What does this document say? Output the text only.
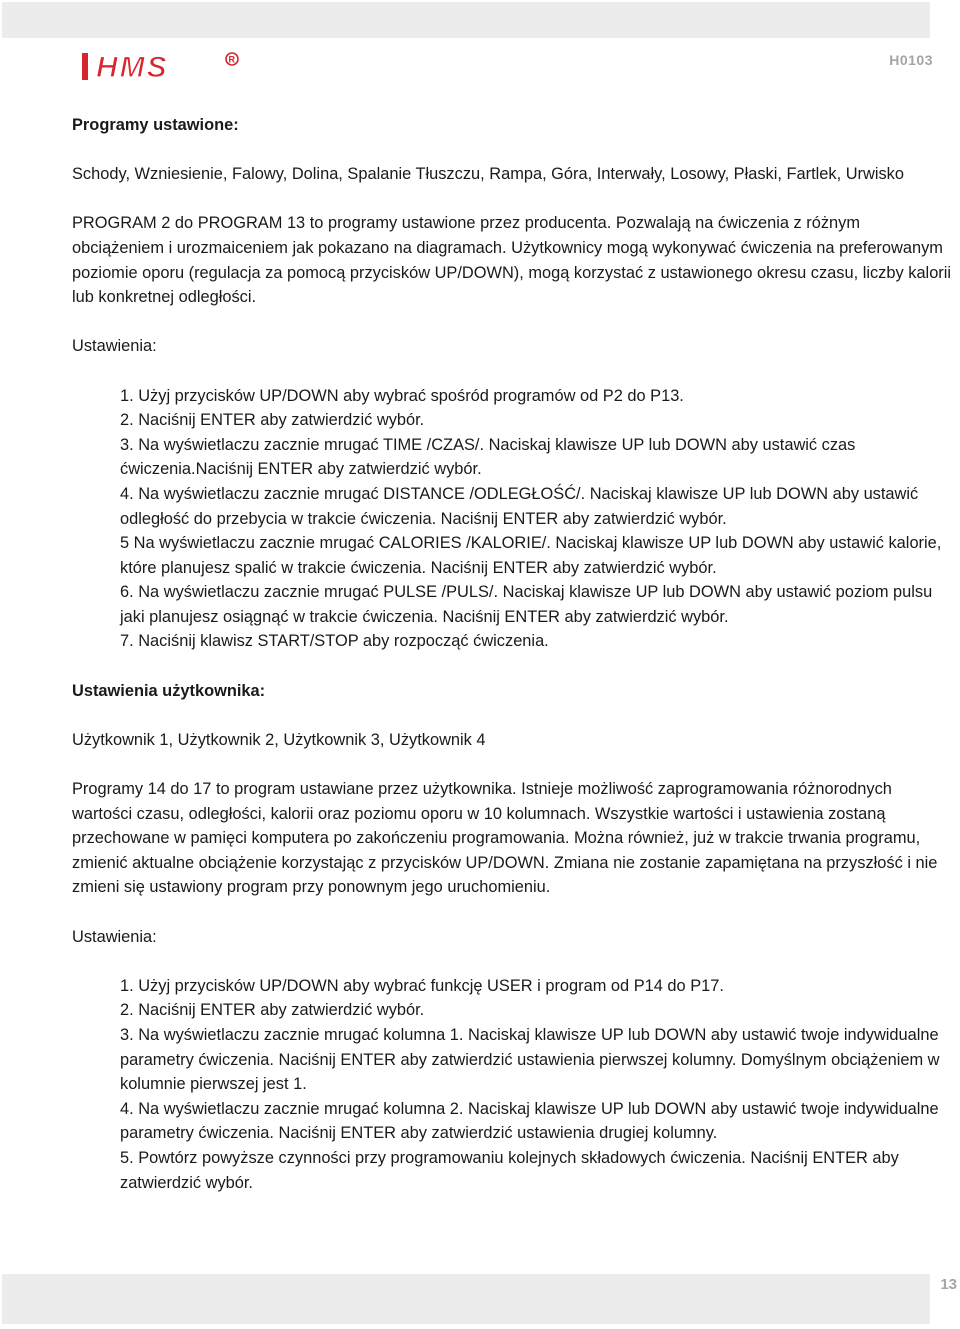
HMS	R	H0103

Programy ustawione:

Schody, Wzniesienie, Falowy, Dolina, Spalanie Tłuszczu, Rampa, Góra, Interwały, Losowy, Płaski, Fartlek, Urwisko

PROGRAM 2 do PROGRAM 13 to programy ustawione przez producenta. Pozwalają na ćwiczenia z różnym obciążeniem i urozmaiceniem jak pokazano na diagramach. Użytkownicy mogą wykonywać ćwiczenia na preferowanym poziomie oporu (regulacja za pomocą przycisków UP/DOWN), mogą korzystać z ustawionego okresu czasu, liczby kalorii lub konkretnej odległości.

Ustawienia:

1. Użyj przycisków UP/DOWN aby wybrać spośród programów od P2 do P13.
2. Naciśnij ENTER aby zatwierdzić wybór.
3. Na wyświetlaczu zacznie mrugać TIME /CZAS/. Naciskaj klawisze UP lub DOWN aby ustawić czas ćwiczenia.Naciśnij ENTER aby zatwierdzić wybór.
4. Na wyświetlaczu zacznie mrugać DISTANCE /ODLEGŁOŚĆ/. Naciskaj klawisze UP lub DOWN aby ustawić odległość do przebycia w trakcie ćwiczenia. Naciśnij ENTER aby zatwierdzić wybór.
5 Na wyświetlaczu zacznie mrugać CALORIES /KALORIE/. Naciskaj klawisze UP lub DOWN aby ustawić kalorie, które planujesz spalić w trakcie ćwiczenia. Naciśnij ENTER aby zatwierdzić wybór.
6. Na wyświetlaczu zacznie mrugać PULSE /PULS/. Naciskaj klawisze UP lub DOWN aby ustawić poziom pulsu jaki planujesz osiągnąć w trakcie ćwiczenia. Naciśnij ENTER aby zatwierdzić wybór.
7. Naciśnij klawisz START/STOP aby rozpocząć ćwiczenia.

Ustawienia użytkownika:

Użytkownik 1, Użytkownik 2, Użytkownik 3, Użytkownik 4

Programy 14 do 17 to program ustawiane przez użytkownika. Istnieje możliwość zaprogramowania różnorodnych wartości czasu, odległości, kalorii oraz poziomu oporu w 10 kolumnach. Wszystkie wartości i ustawienia zostaną przechowane w pamięci komputera po zakończeniu programowania. Można również, już w trakcie trwania programu, zmienić aktualne obciążenie korzystając z przycisków UP/DOWN. Zmiana nie zostanie zapamiętana na przyszłość i nie zmieni się ustawiony program przy ponownym jego uruchomieniu.

Ustawienia:

1. Użyj przycisków UP/DOWN aby wybrać funkcję USER i program od P14 do P17.
2. Naciśnij ENTER aby zatwierdzić wybór.
3. Na wyświetlaczu zacznie mrugać kolumna 1. Naciskaj klawisze UP lub DOWN aby ustawić twoje indywidualne parametry ćwiczenia. Naciśnij ENTER aby zatwierdzić ustawienia pierwszej kolumny. Domyślnym obciążeniem w kolumnie pierwszej jest 1.
4. Na wyświetlaczu zacznie mrugać kolumna 2. Naciskaj klawisze UP lub DOWN aby ustawić twoje indywidualne parametry ćwiczenia. Naciśnij ENTER aby zatwierdzić ustawienia drugiej kolumny.
5. Powtórz powyższe czynności przy programowaniu kolejnych składowych ćwiczenia. Naciśnij ENTER aby zatwierdzić wybór.
13
